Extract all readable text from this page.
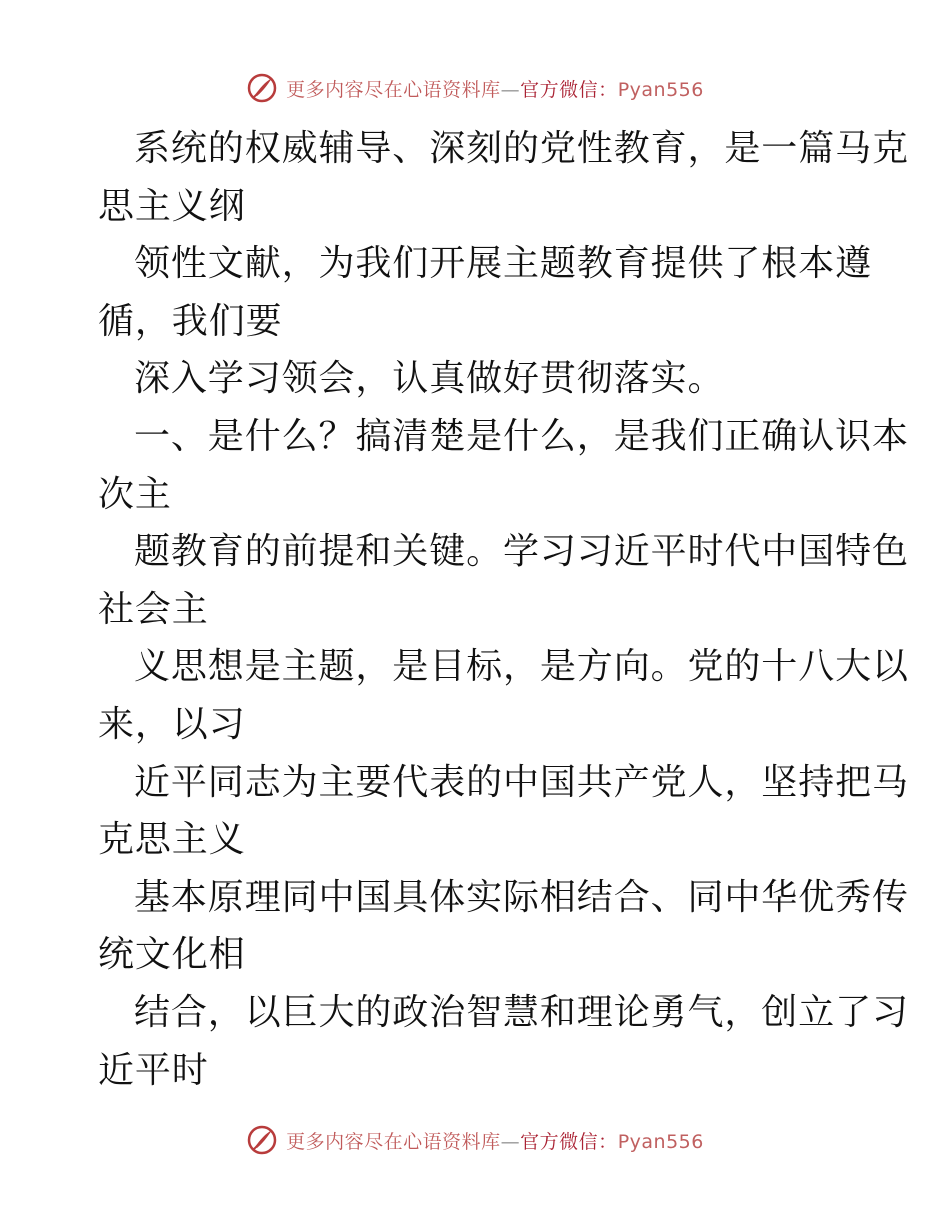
更多内容尽在心语资料库—官方微信：Pyan556
系统的权威辅导、深刻的党性教育，是一篇马克
思主义纲
领性文献，为我们开展主题教育提供了根本遵
循，我们要
深入学习领会，认真做好贯彻落实。
一、是什么？搞清楚是什么，是我们正确认识本
次主
题教育的前提和关键。学习习近平时代中国特色
社会主
义思想是主题，是目标，是方向。党的十八大以
来，以习
近平同志为主要代表的中国共产党人，坚持把马
克思主义
基本原理同中国具体实际相结合、同中华优秀传
统文化相
结合，以巨大的政治智慧和理论勇气，创立了习
近平时
更多内容尽在心语资料库—官方微信：Pyan556
